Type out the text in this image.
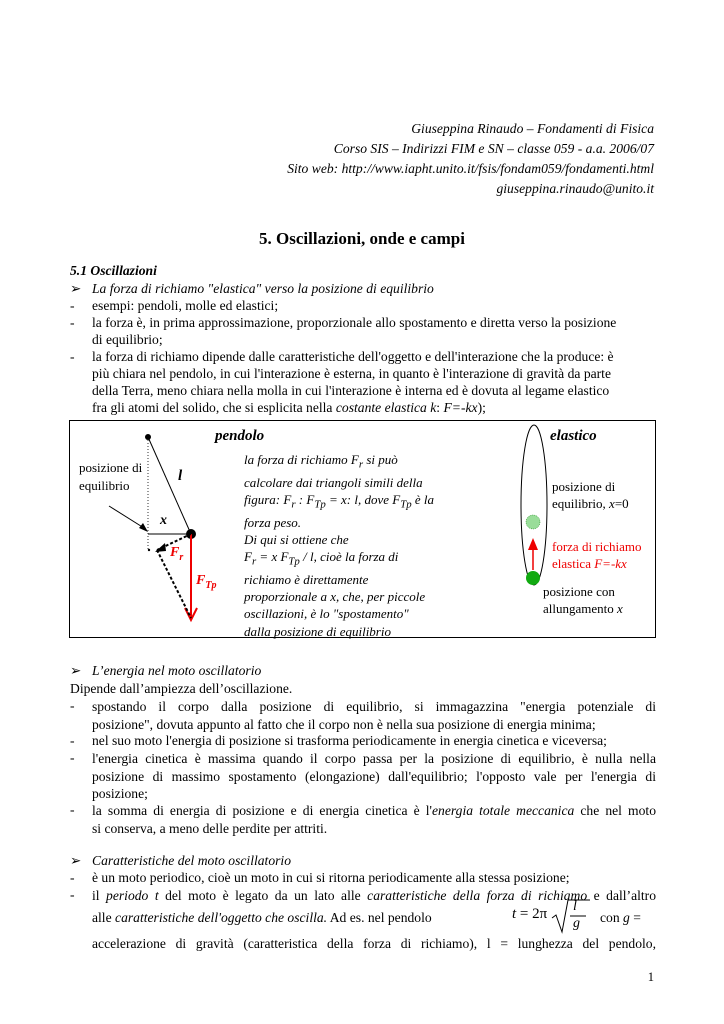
Giuseppina Rinaudo – Fondamenti di Fisica
Corso SIS – Indirizzi FIM e SN – classe 059 - a.a. 2006/07
Sito web: http://www.iapht.unito.it/fsis/fondam059/fondamenti.html
giuseppina.rinaudo@unito.it
5. Oscillazioni, onde e campi
5.1 Oscillazioni
➢ La forza di richiamo "elastica" verso la posizione di equilibrio
- esempi: pendoli, molle ed elastici;
- la forza è, in prima approssimazione, proporzionale allo spostamento e diretta verso la posizione
di equilibrio;
- la forza di richiamo dipende dalle caratteristiche dell'oggetto e dell'interazione che la produce: è
più chiara nel pendolo, in cui l'interazione è esterna, in quanto è l'interazione di gravità da parte
della Terra, meno chiara nella molla in cui l'interazione è interna ed è dovuta al legame elastico
fra gli atomi del solido, che si esplicita nella costante elastica k: F=-kx);
pendolo	elastico
posizione di
equilibrio
l
x
$F_r$
$F_{Tp}$
la forza di richiamo $F_r$ si può
calcolare dai triangoli simili della
figura: $F_r$ : $F_{Tp} = x$: l, dove $F_{Tp}$ è la
forza peso.
Di qui si ottiene che
$F_r = x$ $F_{Tp}$ / l, cioè la forza di
richiamo è direttamente
proporzionale a x, che, per piccole
oscillazioni, è lo "spostamento"
dalla posizione di equilibrio
posizione di
equilibrio, x=0
forza di richiamo
elastica F=-kx
posizione con
allungamento x
➢ L’energia nel moto oscillatorio
Dipende dall’ampiezza dell’oscillazione.
- spostando il corpo dalla posizione di equilibrio, si immagazzina "energia potenziale di
posizione", dovuta appunto al fatto che il corpo non è nella sua posizione di energia minima;
- nel suo moto l'energia di posizione si trasforma periodicamente in energia cinetica e viceversa;
- l'energia cinetica è massima quando il corpo passa per la posizione di equilibrio, è nulla nella
posizione di massimo spostamento (elongazione) dall'equilibrio; l'opposto vale per l'energia di
posizione;
- la somma di energia di posizione e di energia cinetica è l'energia totale meccanica che nel moto
si conserva, a meno delle perdite per attriti.
➢ Caratteristiche del moto oscillatorio
- è un moto periodico, cioè un moto in cui si ritorna periodicamente alla stessa posizione;
- il periodo t del moto è legato da un lato alle caratteristiche della forza di richiamo e dall’altro
alle caratteristiche dell'oggetto che oscilla. Ad es. nel pendolo	t = 2π l
g con g =
accelerazione di gravità (caratteristica della forza di richiamo), l = lunghezza del pendolo,
1
